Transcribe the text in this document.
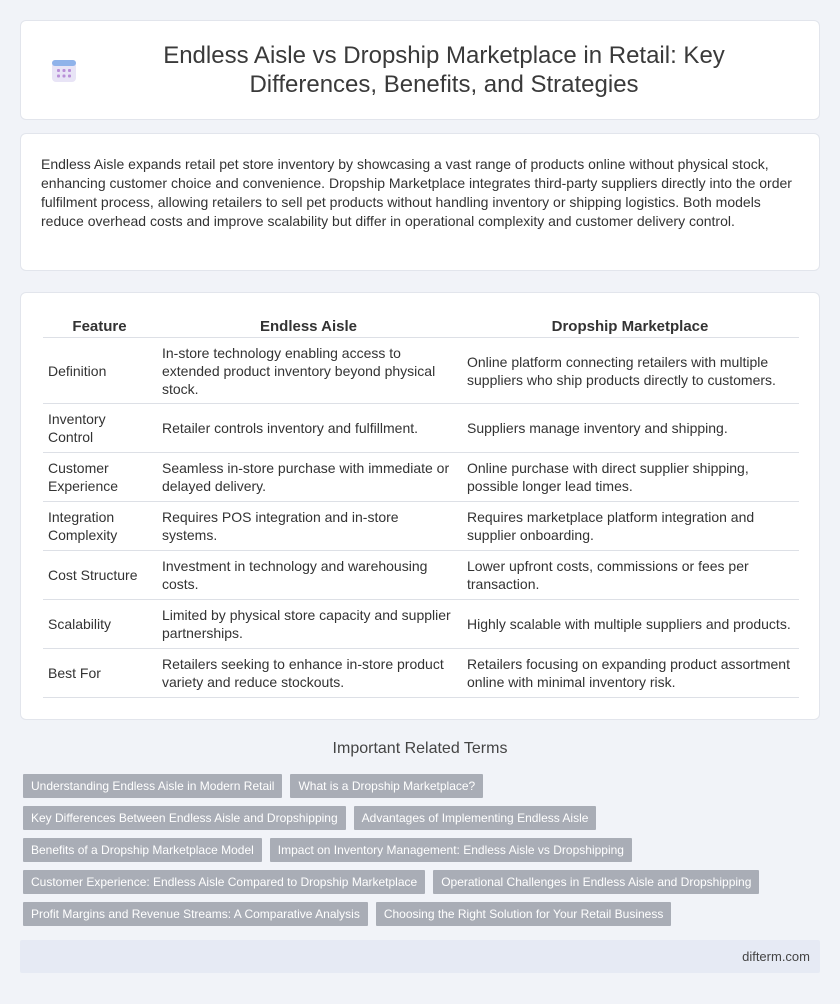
Endless Aisle vs Dropship Marketplace in Retail: Key Differences, Benefits, and Strategies

Endless Aisle expands retail pet store inventory by showcasing a vast range of products online without physical stock, enhancing customer choice and convenience. Dropship Marketplace integrates third-party suppliers directly into the order fulfilment process, allowing retailers to sell pet products without handling inventory or shipping logistics. Both models reduce overhead costs and improve scalability but differ in operational complexity and customer delivery control.

Feature	Endless Aisle	Dropship Marketplace
Definition	In-store technology enabling access to extended product inventory beyond physical stock.	Online platform connecting retailers with multiple suppliers who ship products directly to customers.
Inventory Control	Retailer controls inventory and fulfillment.	Suppliers manage inventory and shipping.
Customer Experience	Seamless in-store purchase with immediate or delayed delivery.	Online purchase with direct supplier shipping, possible longer lead times.
Integration Complexity	Requires POS integration and in-store systems.	Requires marketplace platform integration and supplier onboarding.
Cost Structure	Investment in technology and warehousing costs.	Lower upfront costs, commissions or fees per transaction.
Scalability	Limited by physical store capacity and supplier partnerships.	Highly scalable with multiple suppliers and products.
Best For	Retailers seeking to enhance in-store product variety and reduce stockouts.	Retailers focusing on expanding product assortment online with minimal inventory risk.
Important Related Terms
Understanding Endless Aisle in Modern Retail	What is a Dropship Marketplace?
Key Differences Between Endless Aisle and Dropshipping	Advantages of Implementing Endless Aisle
Benefits of a Dropship Marketplace Model	Impact on Inventory Management: Endless Aisle vs Dropshipping
Customer Experience: Endless Aisle Compared to Dropship Marketplace	Operational Challenges in Endless Aisle and Dropshipping
Profit Margins and Revenue Streams: A Comparative Analysis	Choosing the Right Solution for Your Retail Business
difterm.com
